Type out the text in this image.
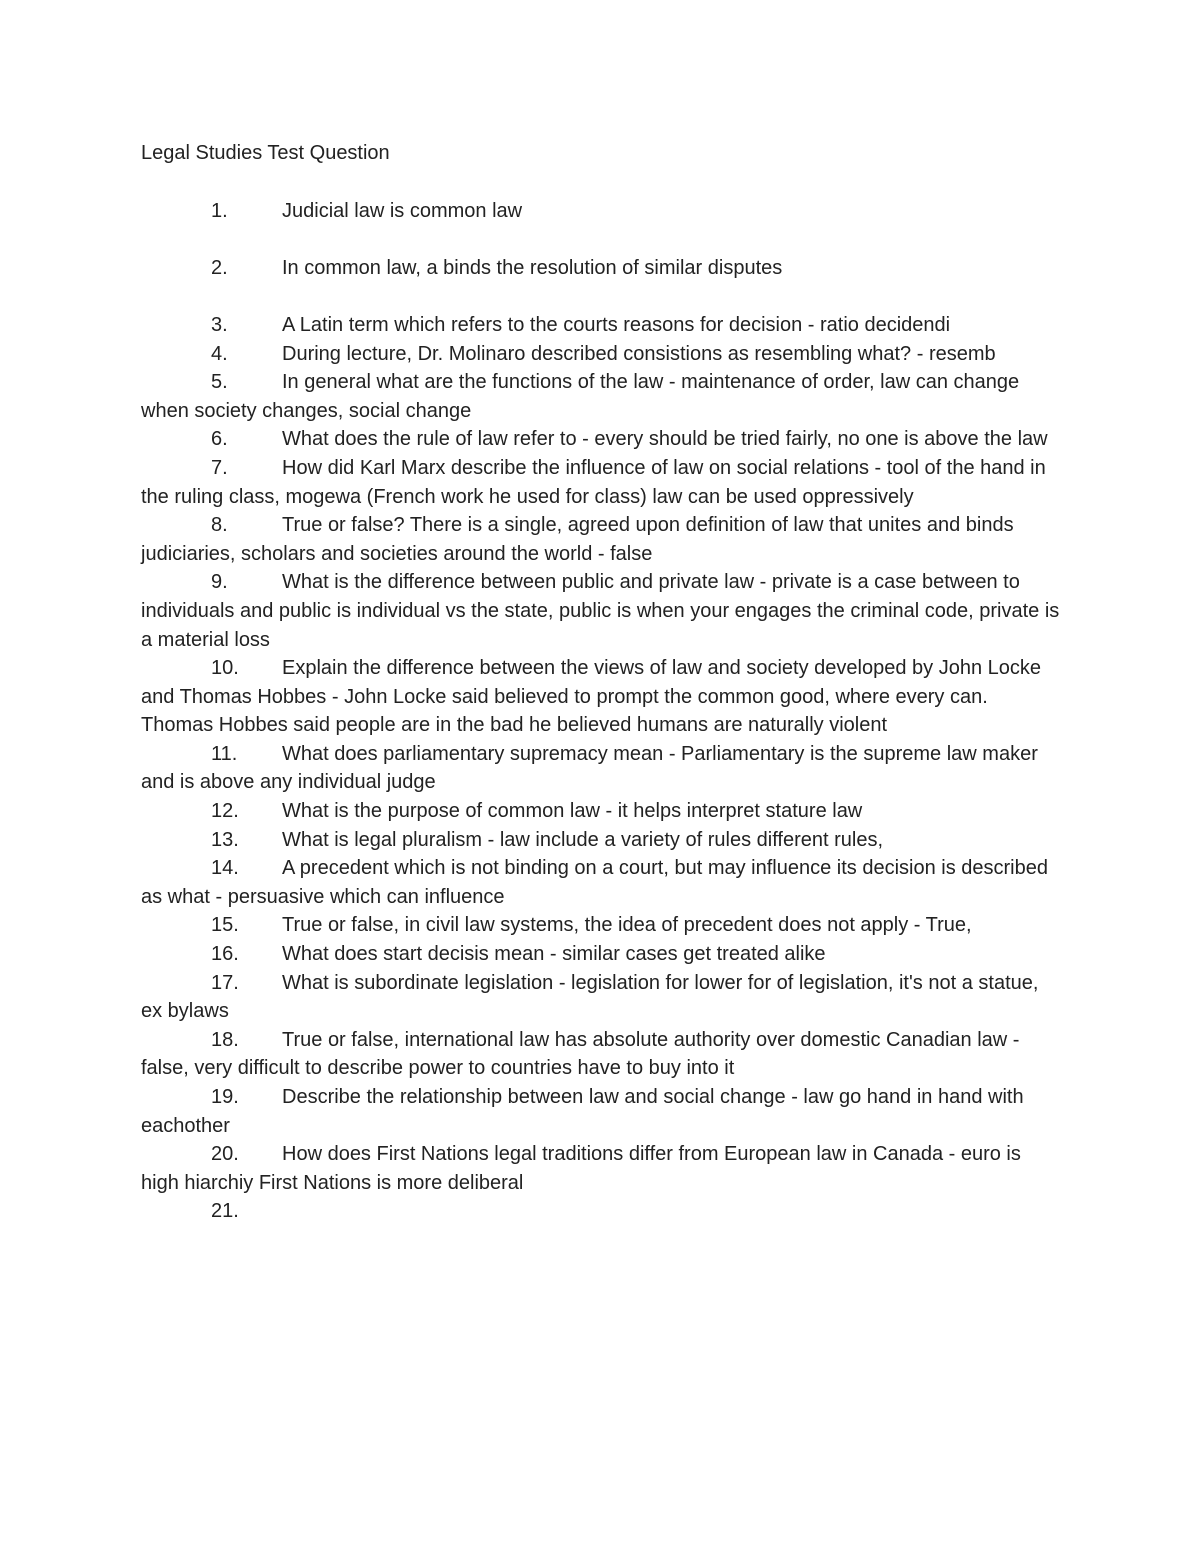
Legal Studies Test Question

1.	Judicial law is common law

2.	In common law, a binds the resolution of similar disputes

3.	A Latin term which refers to the courts reasons for decision - ratio decidendi

4.	During lecture, Dr. Molinaro described consistions as resembling what? - resemb

5.	In general what are the functions of the law - maintenance of order, law can change when society changes, social change

6.	What does the rule of law refer to - every should be tried fairly, no one is above the law

7.	How did Karl Marx describe the influence of law on social relations - tool of the hand in the ruling class, mogewa (French work he used for class) law can be used oppressively

8.	True or false? There is a single, agreed upon definition of law that unites and binds judiciaries, scholars and societies around the world - false

9.	What is the difference between public and private law - private is a case between to individuals and public is individual vs the state, public is when your engages the criminal code, private is a material loss

10. Explain the difference between the views of law and society developed by John Locke and Thomas Hobbes - John Locke said believed to prompt the common good, where every can. Thomas Hobbes said people are in the bad he believed humans are naturally violent

11. What does parliamentary supremacy mean - Parliamentary is the supreme law maker and is above any individual judge

12. What is the purpose of common law - it helps interpret stature law

13. What is legal pluralism - law include a variety of rules different rules,

14. A precedent which is not binding on a court, but may influence its decision is described as what - persuasive which can influence

15. True or false, in civil law systems, the idea of precedent does not apply - True,

16. What does start decisis mean - similar cases get treated alike

17. What is subordinate legislation - legislation for lower for of legislation, it's not a statue, ex bylaws

18. True or false, international law has absolute authority over domestic Canadian law - false, very difficult to describe power to countries have to buy into it

19. Describe the relationship between law and social change - law go hand in hand with eachother

20. How does First Nations legal traditions differ from European law in Canada - euro is high hiarchiy First Nations is more deliberal

21.
